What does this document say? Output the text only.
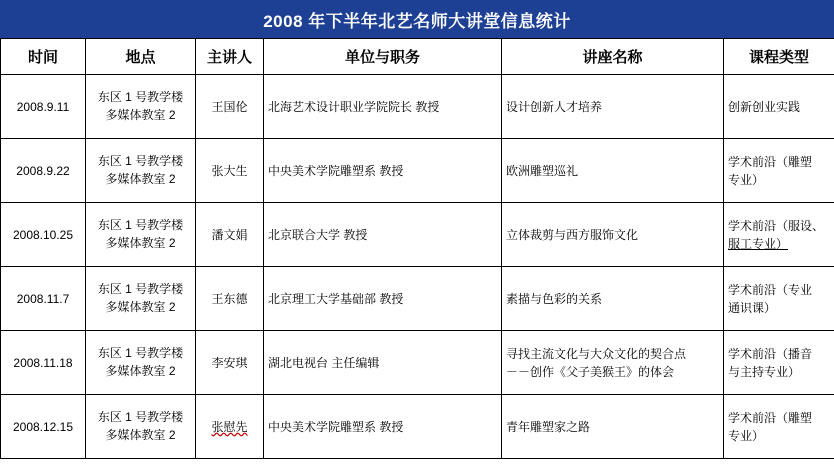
2008 年下半年北艺名师大讲堂信息统计
时间	地点	主讲人	单位与职务	讲座名称	课程类型
2008.9.11	东区 1 号教学楼
多媒体教室 2	王国伦	北海艺术设计职业学院院长 教授	设计创新人才培养	创新创业实践

2008.9.22	东区 1 号教学楼
多媒体教室 2	张大生	中央美术学院雕塑系 教授	欧洲雕塑巡礼	学术前沿（雕塑
专业）

2008.10.25	东区 1 号教学楼
多媒体教室 2	潘文娟	北京联合大学 教授	立体裁剪与西方服饰文化	学术前沿（服设、
服工专业）

2008.11.7	东区 1 号教学楼
多媒体教室 2	王东德	北京理工大学基础部 教授	素描与色彩的关系	学术前沿（专业
通识课）

2008.11.18	东区 1 号教学楼
多媒体教室 2	李安琪	湖北电视台 主任编辑	寻找主流文化与大众文化的契合点
－－创作《父子美猴王》的体会	学术前沿（播音
与主持专业）

2008.12.15	东区 1 号教学楼
多媒体教室 2	张慰先	中央美术学院雕塑系 教授	青年雕塑家之路	学术前沿（雕塑
专业）
